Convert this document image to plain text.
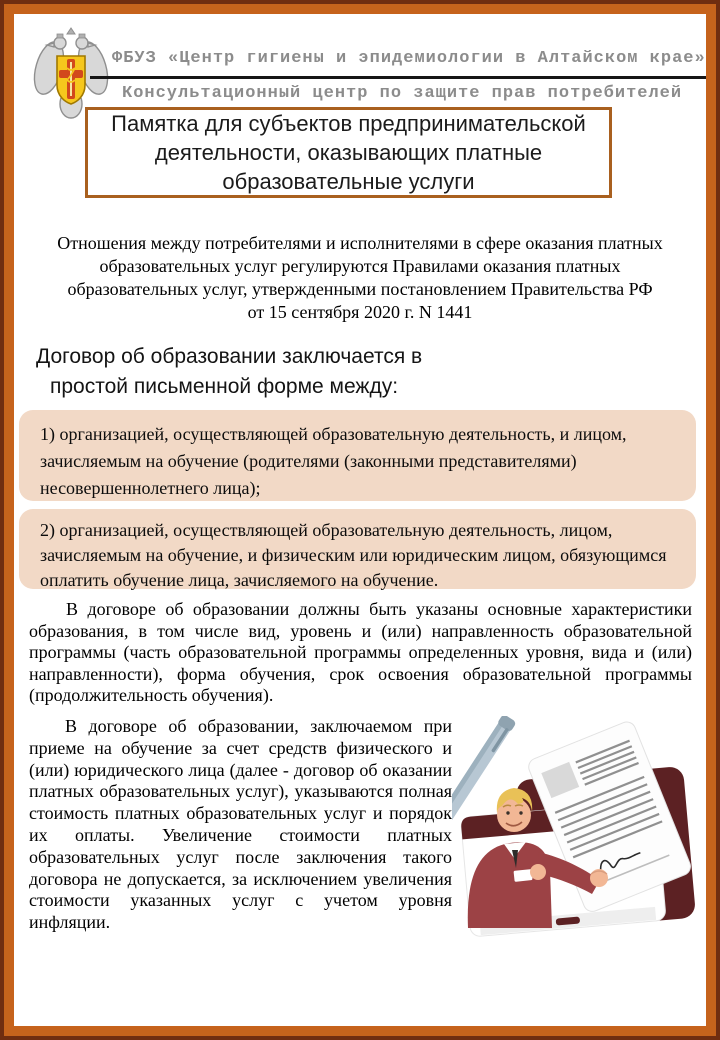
ФБУЗ «Центр гигиены и эпидемиологии в Алтайском крае»
Консультационный центр по защите прав потребителей
Памятка для субъектов предпринимательской
деятельности, оказывающих платные
образовательные услуги
Отношения между потребителями и исполнителями в сфере оказания платных
образовательных услуг регулируются Правилами оказания платных
образовательных услуг, утвержденными постановлением Правительства РФ
от 15 сентября 2020 г. N 1441
Договор об образовании заключается в
простой письменной форме между:
1) организацией, осуществляющей образовательную деятельность, и лицом, зачисляемым на обучение (родителями (законными представителями) несовершеннолетнего лица);
2) организацией, осуществляющей образовательную деятельность, лицом, зачисляемым на обучение, и физическим или юридическим лицом, обязующимся оплатить обучение лица, зачисляемого на обучение.
В договоре об образовании должны быть указаны основные характеристики образования, в том числе вид, уровень и (или) направленность образовательной программы (часть образовательной программы определенных уровня, вида и (или) направленности), форма обучения, срок освоения образовательной программы (продолжительность обучения).
В договоре об образовании, заключаемом при приеме на обучение за счет средств физического и (или) юридического лица (далее - договор об оказании платных образовательных услуг), указываются полная стоимость платных образовательных услуг и порядок их оплаты. Увеличение стоимости платных образовательных услуг после заключения такого договора не допускается, за исключением увеличения стоимости указанных услуг с учетом уровня инфляции.
